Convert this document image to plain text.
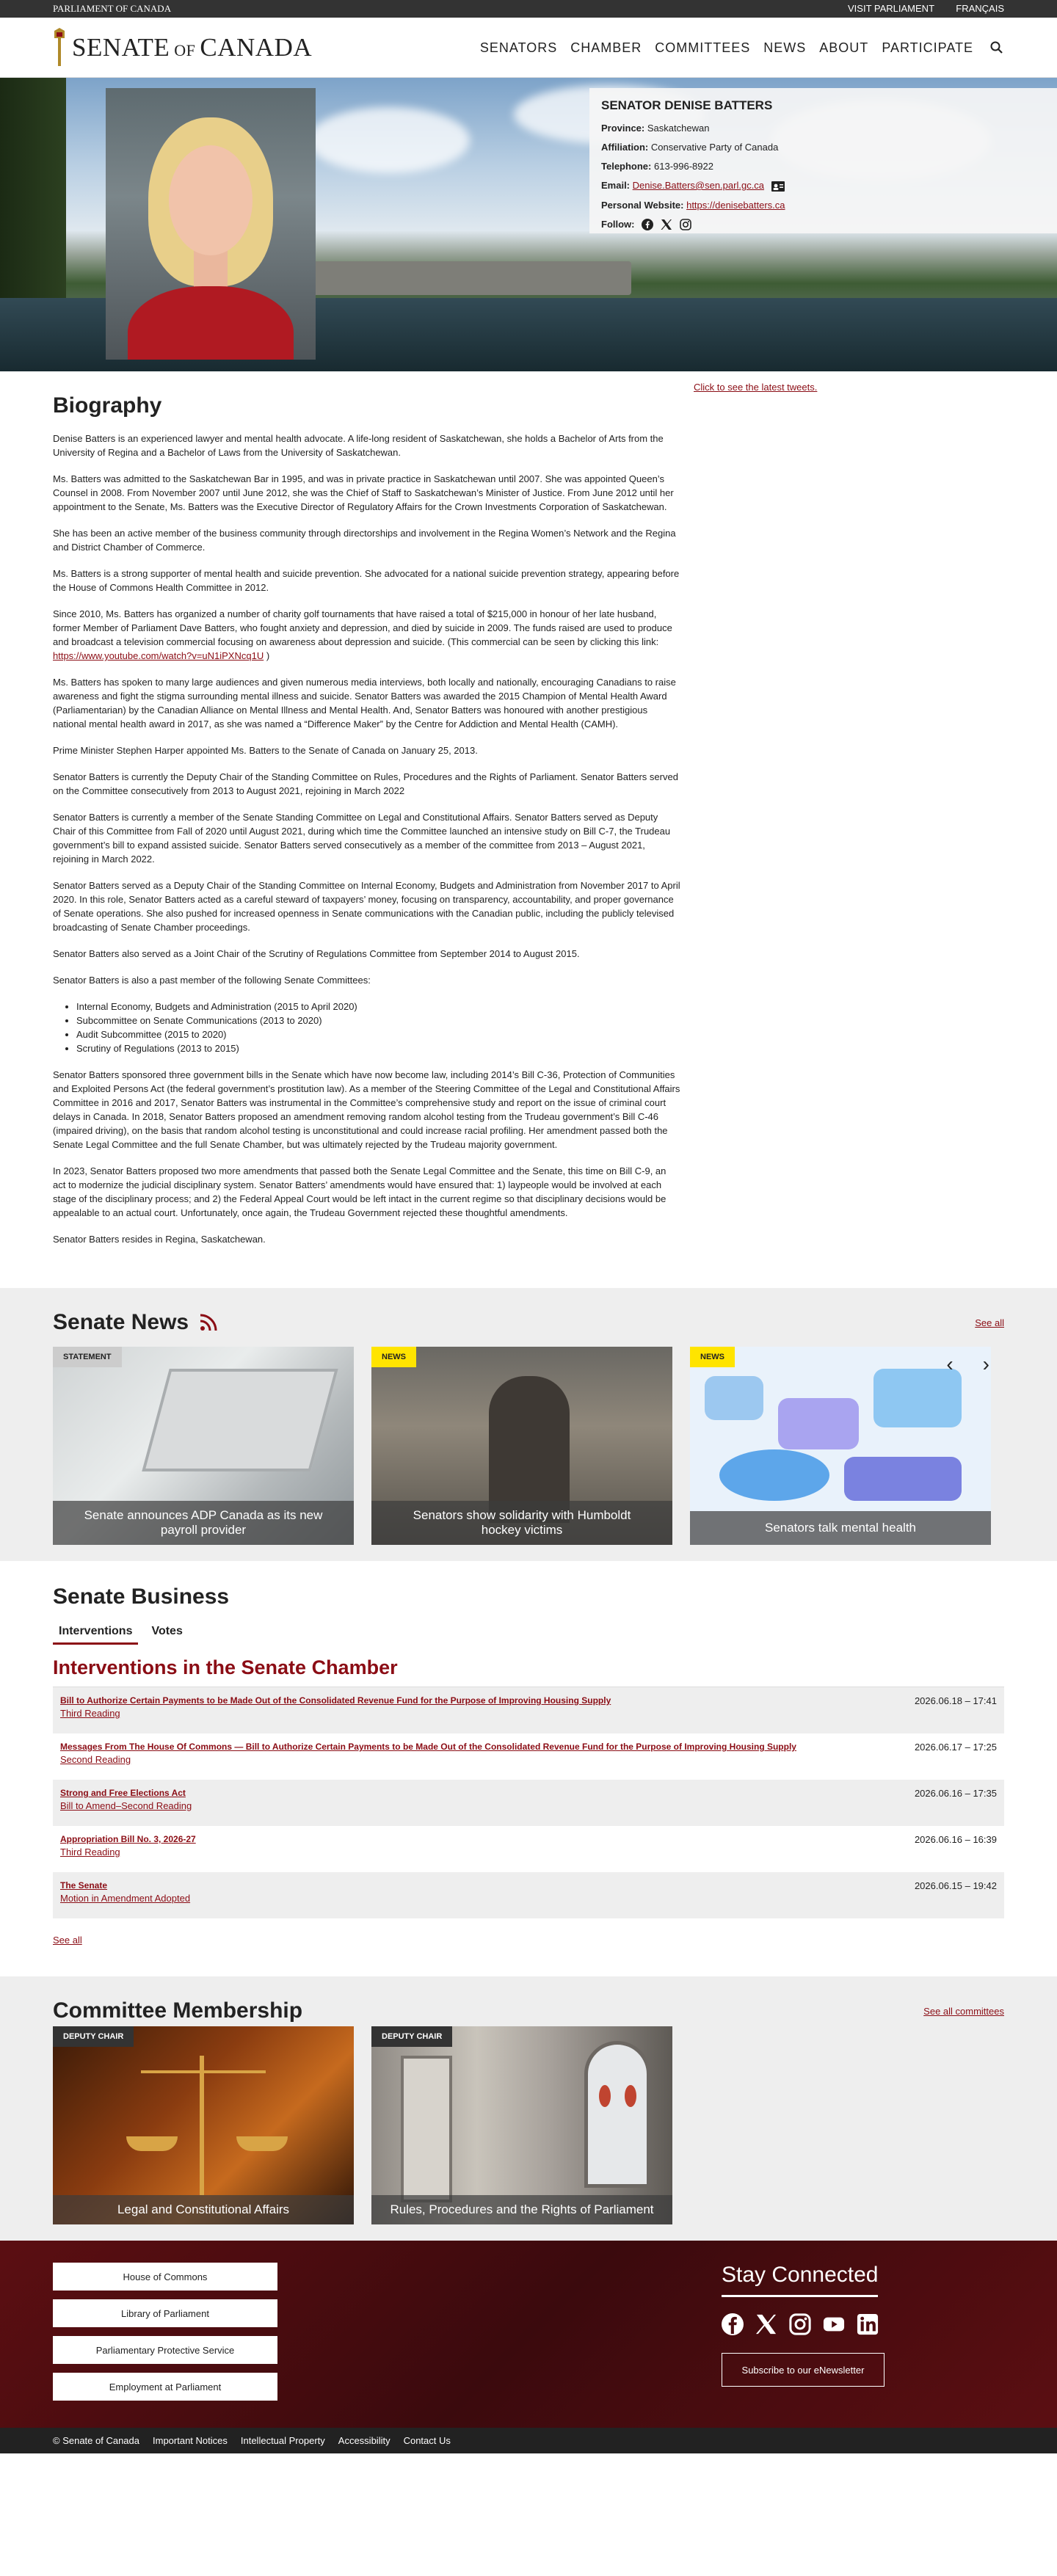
PARLIAMENT OF CANADA	VISIT PARLIAMENT FRANÇAIS
SENATE OF CANADA	SENATORS CHAMBER COMMITTEES NEWS ABOUT PARTICIPATE
SENATOR DENISE BATTERS

Province: Saskatchewan

Affiliation: Conservative Party of Canada

Telephone: 613-996-8922

Email: Denise.Batters@sen.parl.gc.ca

Personal Website: https://denisebatters.ca

Follow:

Biography

Denise Batters is an experienced lawyer and mental health advocate. A life-long resident of Saskatchewan, she holds a Bachelor of Arts from the University of Regina and a Bachelor of Laws from the University of Saskatchewan.

Ms. Batters was admitted to the Saskatchewan Bar in 1995, and was in private practice in Saskatchewan until 2007. She was appointed Queen’s Counsel in 2008. From November 2007 until June 2012, she was the Chief of Staff to Saskatchewan’s Minister of Justice. From June 2012 until her appointment to the Senate, Ms. Batters was the Executive Director of Regulatory Affairs for the Crown Investments Corporation of Saskatchewan.

She has been an active member of the business community through directorships and involvement in the Regina Women’s Network and the Regina and District Chamber of Commerce.

Ms. Batters is a strong supporter of mental health and suicide prevention. She advocated for a national suicide prevention strategy, appearing before the House of Commons Health Committee in 2012.

Since 2010, Ms. Batters has organized a number of charity golf tournaments that have raised a total of $215,000 in honour of her late husband, former Member of Parliament Dave Batters, who fought anxiety and depression, and died by suicide in 2009. The funds raised are used to produce and broadcast a television commercial focusing on awareness about depression and suicide. (This commercial can be seen by clicking this link: https://www.youtube.com/watch?v=uN1iPXNcq1U )

Ms. Batters has spoken to many large audiences and given numerous media interviews, both locally and nationally, encouraging Canadians to raise awareness and fight the stigma surrounding mental illness and suicide. Senator Batters was awarded the 2015 Champion of Mental Health Award (Parliamentarian) by the Canadian Alliance on Mental Illness and Mental Health. And, Senator Batters was honoured with another prestigious national mental health award in 2017, as she was named a “Difference Maker” by the Centre for Addiction and Mental Health (CAMH).

Prime Minister Stephen Harper appointed Ms. Batters to the Senate of Canada on January 25, 2013.

Senator Batters is currently the Deputy Chair of the Standing Committee on Rules, Procedures and the Rights of Parliament. Senator Batters served on the Committee consecutively from 2013 to August 2021, rejoining in March 2022

Senator Batters is currently a member of the Senate Standing Committee on Legal and Constitutional Affairs. Senator Batters served as Deputy Chair of this Committee from Fall of 2020 until August 2021, during which time the Committee launched an intensive study on Bill C-7, the Trudeau government’s bill to expand assisted suicide. Senator Batters served consecutively as a member of the committee from 2013 – August 2021, rejoining in March 2022.

Senator Batters served as a Deputy Chair of the Standing Committee on Internal Economy, Budgets and Administration from November 2017 to April 2020. In this role, Senator Batters acted as a careful steward of taxpayers’ money, focusing on transparency, accountability, and proper governance of Senate operations. She also pushed for increased openness in Senate communications with the Canadian public, including the publicly televised broadcasting of Senate Chamber proceedings.

Senator Batters also served as a Joint Chair of the Scrutiny of Regulations Committee from September 2014 to August 2015.

Senator Batters is also a past member of the following Senate Committees:

• Internal Economy, Budgets and Administration (2015 to April 2020)
• Subcommittee on Senate Communications (2013 to 2020)
• Audit Subcommittee (2015 to 2020)
• Scrutiny of Regulations (2013 to 2015)

Senator Batters sponsored three government bills in the Senate which have now become law, including 2014’s Bill C-36, Protection of Communities and Exploited Persons Act (the federal government’s prostitution law). As a member of the Steering Committee of the Legal and Constitutional Affairs Committee in 2016 and 2017, Senator Batters was instrumental in the Committee’s comprehensive study and report on the issue of criminal court delays in Canada. In 2018, Senator Batters proposed an amendment removing random alcohol testing from the Trudeau government’s Bill C-46 (impaired driving), on the basis that random alcohol testing is unconstitutional and could increase racial profiling. Her amendment passed both the Senate Legal Committee and the full Senate Chamber, but was ultimately rejected by the Trudeau majority government.

In 2023, Senator Batters proposed two more amendments that passed both the Senate Legal Committee and the Senate, this time on Bill C-9, an act to modernize the judicial disciplinary system. Senator Batters’ amendments would have ensured that: 1) laypeople would be involved at each stage of the disciplinary process; and 2) the Federal Appeal Court would be left intact in the current regime so that disciplinary decisions would be appealable to an actual court. Unfortunately, once again, the Trudeau Government rejected these thoughtful amendments.

Senator Batters resides in Regina, Saskatchewan.

Click to see the latest tweets.
Senate News	See all
STATEMENT
Senate announces ADP Canada as its new payroll provider
NEWS
Senators show solidarity with Humboldt hockey victims
NEWS
Senators talk mental health
‹ ›
Senate Business
Interventions	Votes
Interventions in the Senate Chamber
Bill to Authorize Certain Payments to be Made Out of the Consolidated Revenue Fund for the Purpose of Improving Housing Supply
Third Reading
2026.06.18 – 17:41
Messages From The House Of Commons — Bill to Authorize Certain Payments to be Made Out of the Consolidated Revenue Fund for the Purpose of Improving Housing Supply
Second Reading
2026.06.17 – 17:25
Strong and Free Elections Act
Bill to Amend–Second Reading
2026.06.16 – 17:35
Appropriation Bill No. 3, 2026-27
Third Reading
2026.06.16 – 16:39
The Senate
Motion in Amendment Adopted
2026.06.15 – 19:42
See all
Committee Membership	See all committees
DEPUTY CHAIR
Legal and Constitutional Affairs
DEPUTY CHAIR
Rules, Procedures and the Rights of Parliament
House of Commons
Library of Parliament
Parliamentary Protective Service
Employment at Parliament
Stay Connected
Subscribe to our eNewsletter
© Senate of Canada Important Notices Intellectual Property Accessibility Contact Us
